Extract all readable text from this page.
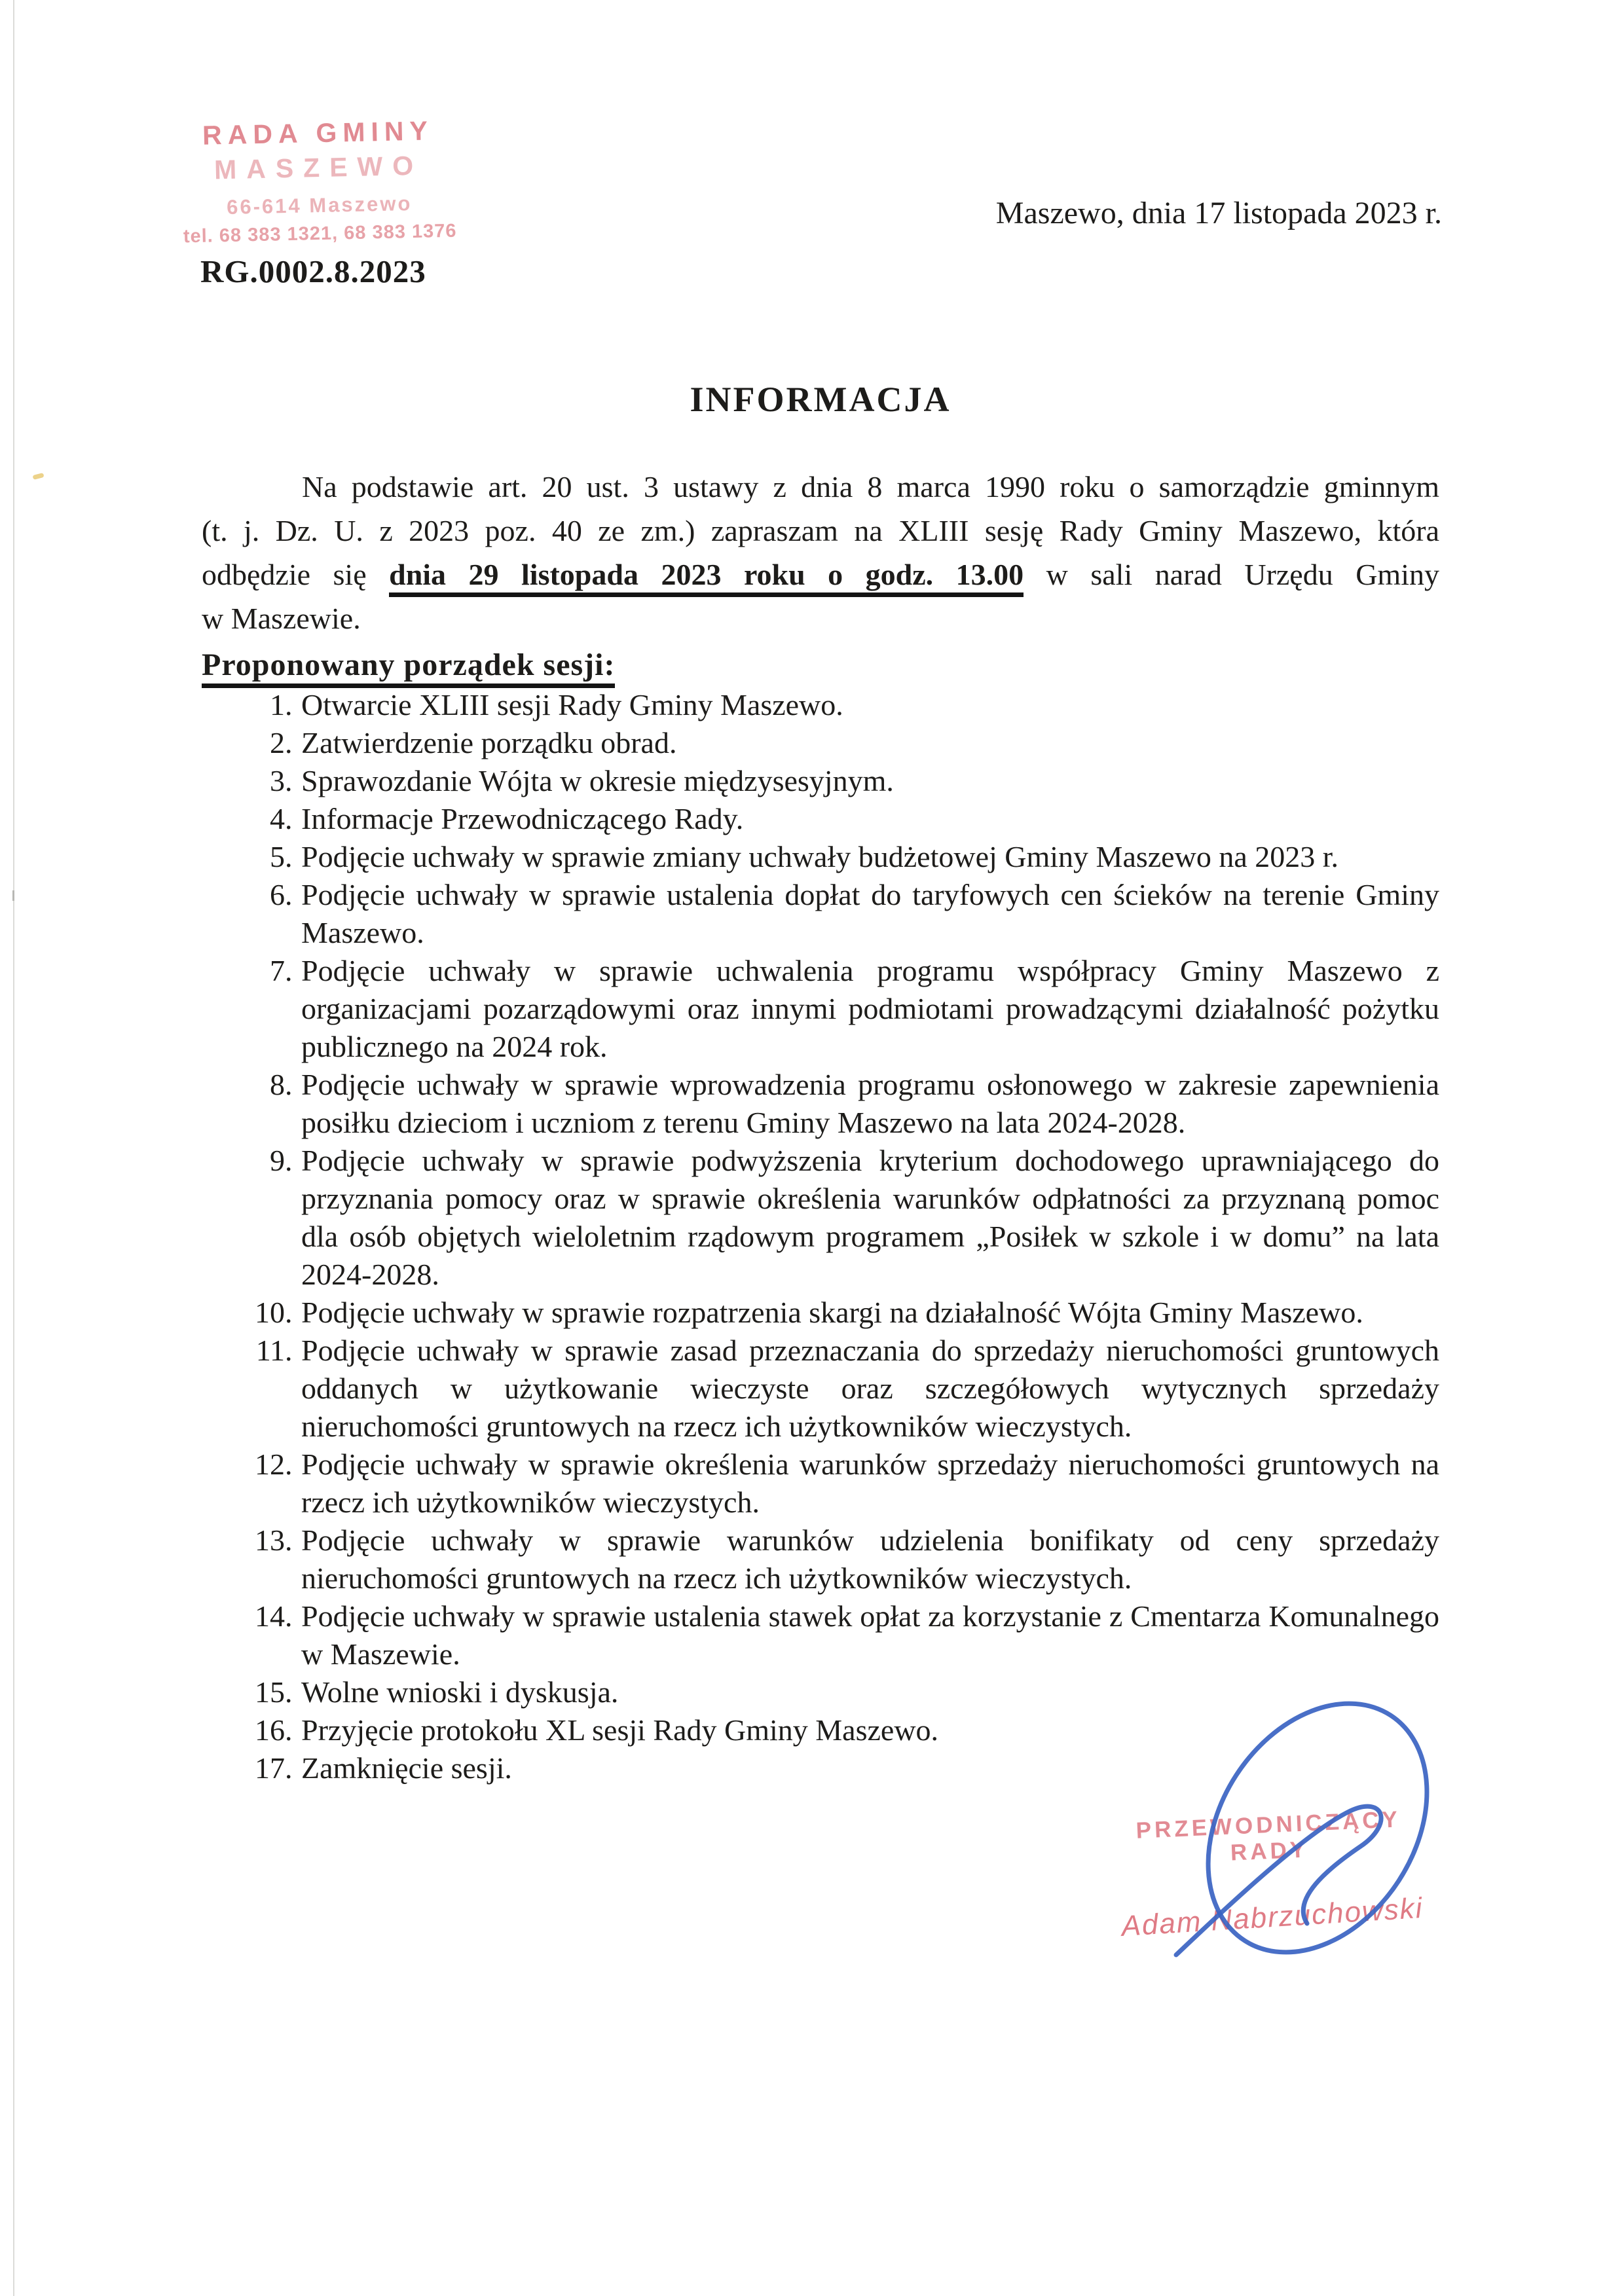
RADA GMINY
MASZEWO
66-614 Maszewo
tel. 68 383 1321, 68 383 1376
RG.0002.8.2023
Maszewo, dnia 17 listopada 2023 r.
INFORMACJA

Na podstawie art. 20 ust. 3 ustawy z dnia 8 marca 1990 roku o samorządzie gminnym
(t. j. Dz. U. z 2023 poz. 40 ze zm.) zapraszam na XLIII sesję Rady Gminy Maszewo, która
odbędzie się dnia 29 listopada 2023 roku o godz. 13.00 w sali narad Urzędu Gminy
w Maszewie.

Proponowany porządek sesji:

1. Otwarcie XLIII sesji Rady Gminy Maszewo.
2. Zatwierdzenie porządku obrad.
3. Sprawozdanie Wójta w okresie międzysesyjnym.
4. Informacje Przewodniczącego Rady.
5. Podjęcie uchwały w sprawie zmiany uchwały budżetowej Gminy Maszewo na 2023 r.
6. Podjęcie uchwały w sprawie ustalenia dopłat do taryfowych cen ścieków na terenie Gminy Maszewo.
7. Podjęcie uchwały w sprawie uchwalenia programu współpracy Gminy Maszewo z organizacjami pozarządowymi oraz innymi podmiotami prowadzącymi działalność pożytku publicznego na 2024 rok.
8. Podjęcie uchwały w sprawie wprowadzenia programu osłonowego w zakresie zapewnienia posiłku dzieciom i uczniom z terenu Gminy Maszewo na lata 2024-2028.
9. Podjęcie uchwały w sprawie podwyższenia kryterium dochodowego uprawniającego do przyznania pomocy oraz w sprawie określenia warunków odpłatności za przyznaną pomoc dla osób objętych wieloletnim rządowym programem „Posiłek w szkole i w domu” na lata 2024-2028.
10. Podjęcie uchwały w sprawie rozpatrzenia skargi na działalność Wójta Gminy Maszewo.
11. Podjęcie uchwały w sprawie zasad przeznaczania do sprzedaży nieruchomości gruntowych oddanych w użytkowanie wieczyste oraz szczegółowych wytycznych sprzedaży nieruchomości gruntowych na rzecz ich użytkowników wieczystych.
12. Podjęcie uchwały w sprawie określenia warunków sprzedaży nieruchomości gruntowych na rzecz ich użytkowników wieczystych.
13. Podjęcie uchwały w sprawie warunków udzielenia bonifikaty od ceny sprzedaży nieruchomości gruntowych na rzecz ich użytkowników wieczystych.
14. Podjęcie uchwały w sprawie ustalenia stawek opłat za korzystanie z Cmentarza Komunalnego w Maszewie.
15. Wolne wnioski i dyskusja.
16. Przyjęcie protokołu XL sesji Rady Gminy Maszewo.
17. Zamknięcie sesji.
PRZEWODNICZĄCY RADY
Adam Nabrzuchowski
